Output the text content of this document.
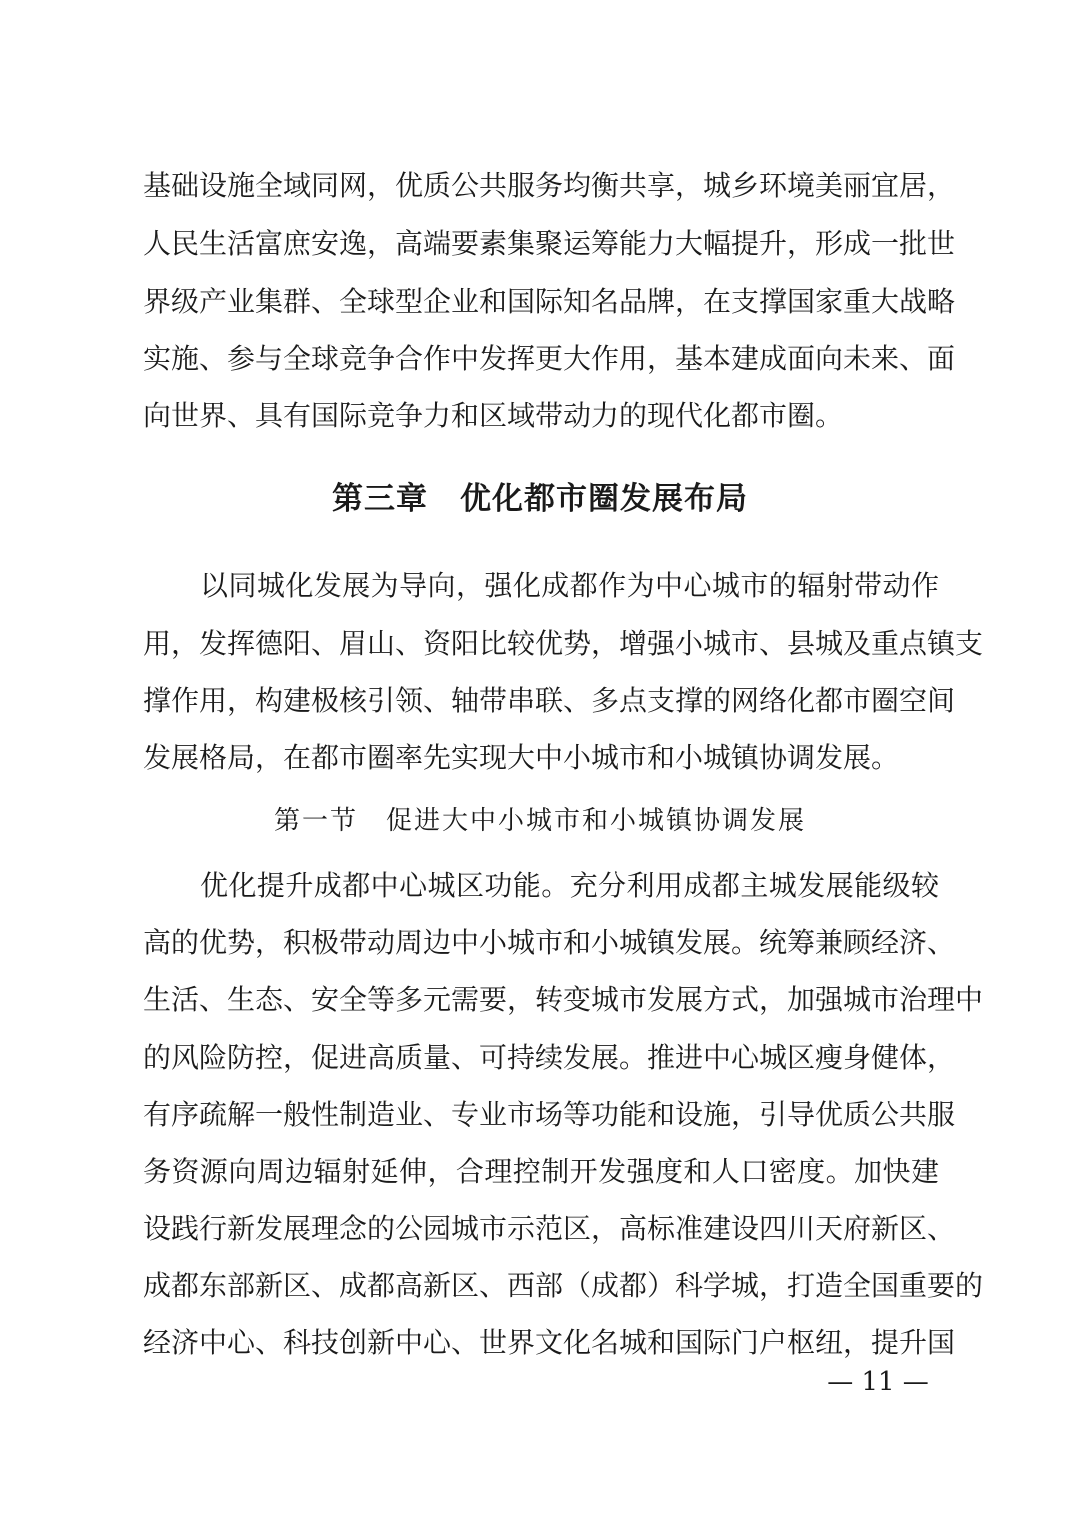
基础设施全域同网，优质公共服务均衡共享，城乡环境美丽宜居，
人民生活富庶安逸，高端要素集聚运筹能力大幅提升，形成一批世
界级产业集群、全球型企业和国际知名品牌，在支撑国家重大战略
实施、参与全球竞争合作中发挥更大作用，基本建成面向未来、面
向世界、具有国际竞争力和区域带动力的现代化都市圈。
第三章　优化都市圈发展布局
以同城化发展为导向，强化成都作为中心城市的辐射带动作
用，发挥德阳、眉山、资阳比较优势，增强小城市、县城及重点镇支
撑作用，构建极核引领、轴带串联、多点支撑的网络化都市圈空间
发展格局，在都市圈率先实现大中小城市和小城镇协调发展。
第一节　促进大中小城市和小城镇协调发展
优化提升成都中心城区功能。充分利用成都主城发展能级较
高的优势，积极带动周边中小城市和小城镇发展。统筹兼顾经济、
生活、生态、安全等多元需要，转变城市发展方式，加强城市治理中
的风险防控，促进高质量、可持续发展。推进中心城区瘦身健体，
有序疏解一般性制造业、专业市场等功能和设施，引导优质公共服
务资源向周边辐射延伸，合理控制开发强度和人口密度。加快建
设践行新发展理念的公园城市示范区，高标准建设四川天府新区、
成都东部新区、成都高新区、西部（成都）科学城，打造全国重要的
经济中心、科技创新中心、世界文化名城和国际门户枢纽，提升国
— 11 —
